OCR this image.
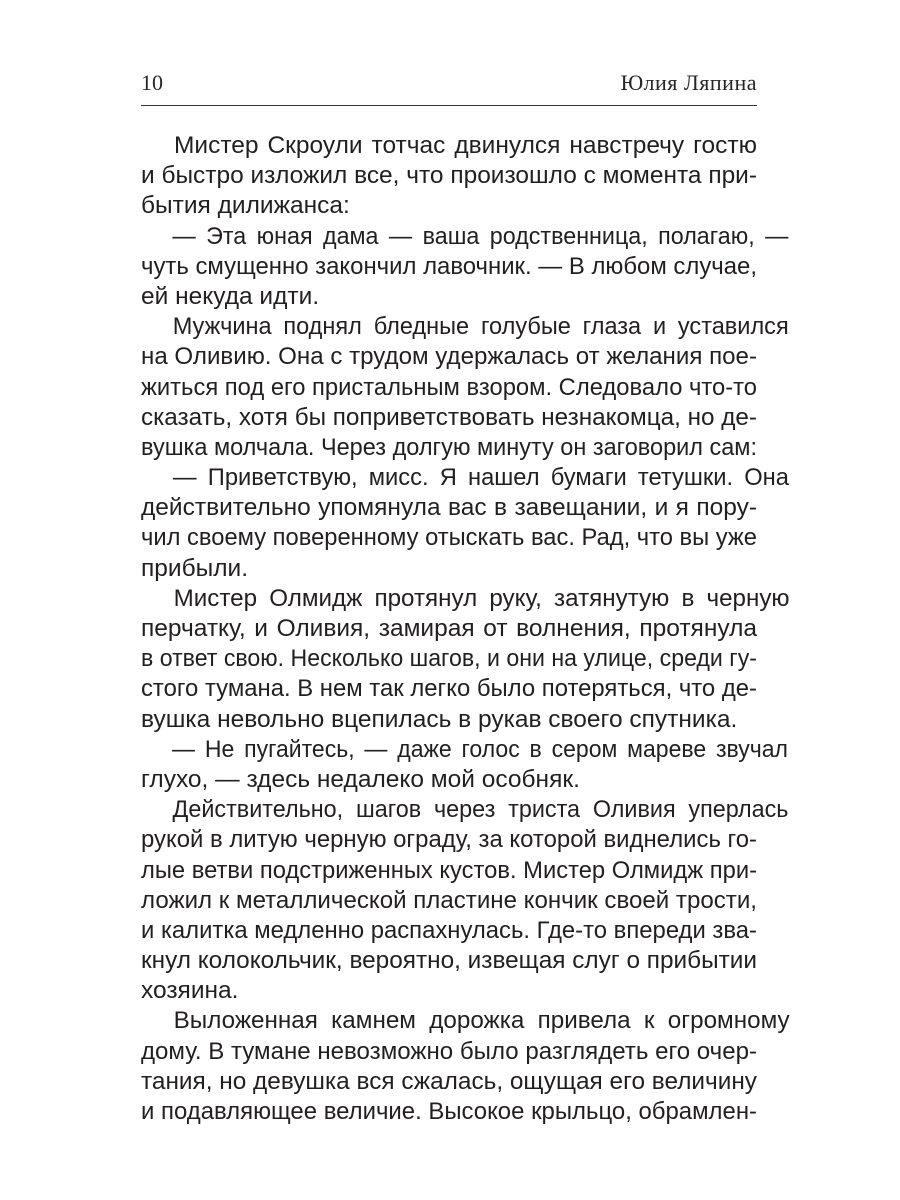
10	Юлия Ляпина
Мистер Скроули тотчас двинулся навстречу гостю
и быстро изложил все, что произошло с момента при-
бытия дилижанса:
— Эта юная дама — ваша родственница, полагаю, —
чуть смущенно закончил лавочник. — В любом случае,
ей некуда идти.
Мужчина поднял бледные голубые глаза и уставился
на Оливию. Она с трудом удержалась от желания пое-
житься под его пристальным взором. Следовало что-то
сказать, хотя бы поприветствовать незнакомца, но де-
вушка молчала. Через долгую минуту он заговорил сам:
— Приветствую, мисс. Я нашел бумаги тетушки. Она
действительно упомянула вас в завещании, и я пору-
чил своему поверенному отыскать вас. Рад, что вы уже
прибыли.
Мистер Олмидж протянул руку, затянутую в черную
перчатку, и Оливия, замирая от волнения, протянула
в ответ свою. Несколько шагов, и они на улице, среди гу-
стого тумана. В нем так легко было потеряться, что де-
вушка невольно вцепилась в рукав своего спутника.
— Не пугайтесь, — даже голос в сером мареве звучал
глухо, — здесь недалеко мой особняк.
Действительно, шагов через триста Оливия уперлась
рукой в литую черную ограду, за которой виднелись го-
лые ветви подстриженных кустов. Мистер Олмидж при-
ложил к металлической пластине кончик своей трости,
и калитка медленно распахнулась. Где-то впереди зва-
кнул колокольчик, вероятно, извещая слуг о прибытии
хозяина.
Выложенная камнем дорожка привела к огромному
дому. В тумане невозможно было разглядеть его очер-
тания, но девушка вся сжалась, ощущая его величину
и подавляющее величие. Высокое крыльцо, обрамлен-
